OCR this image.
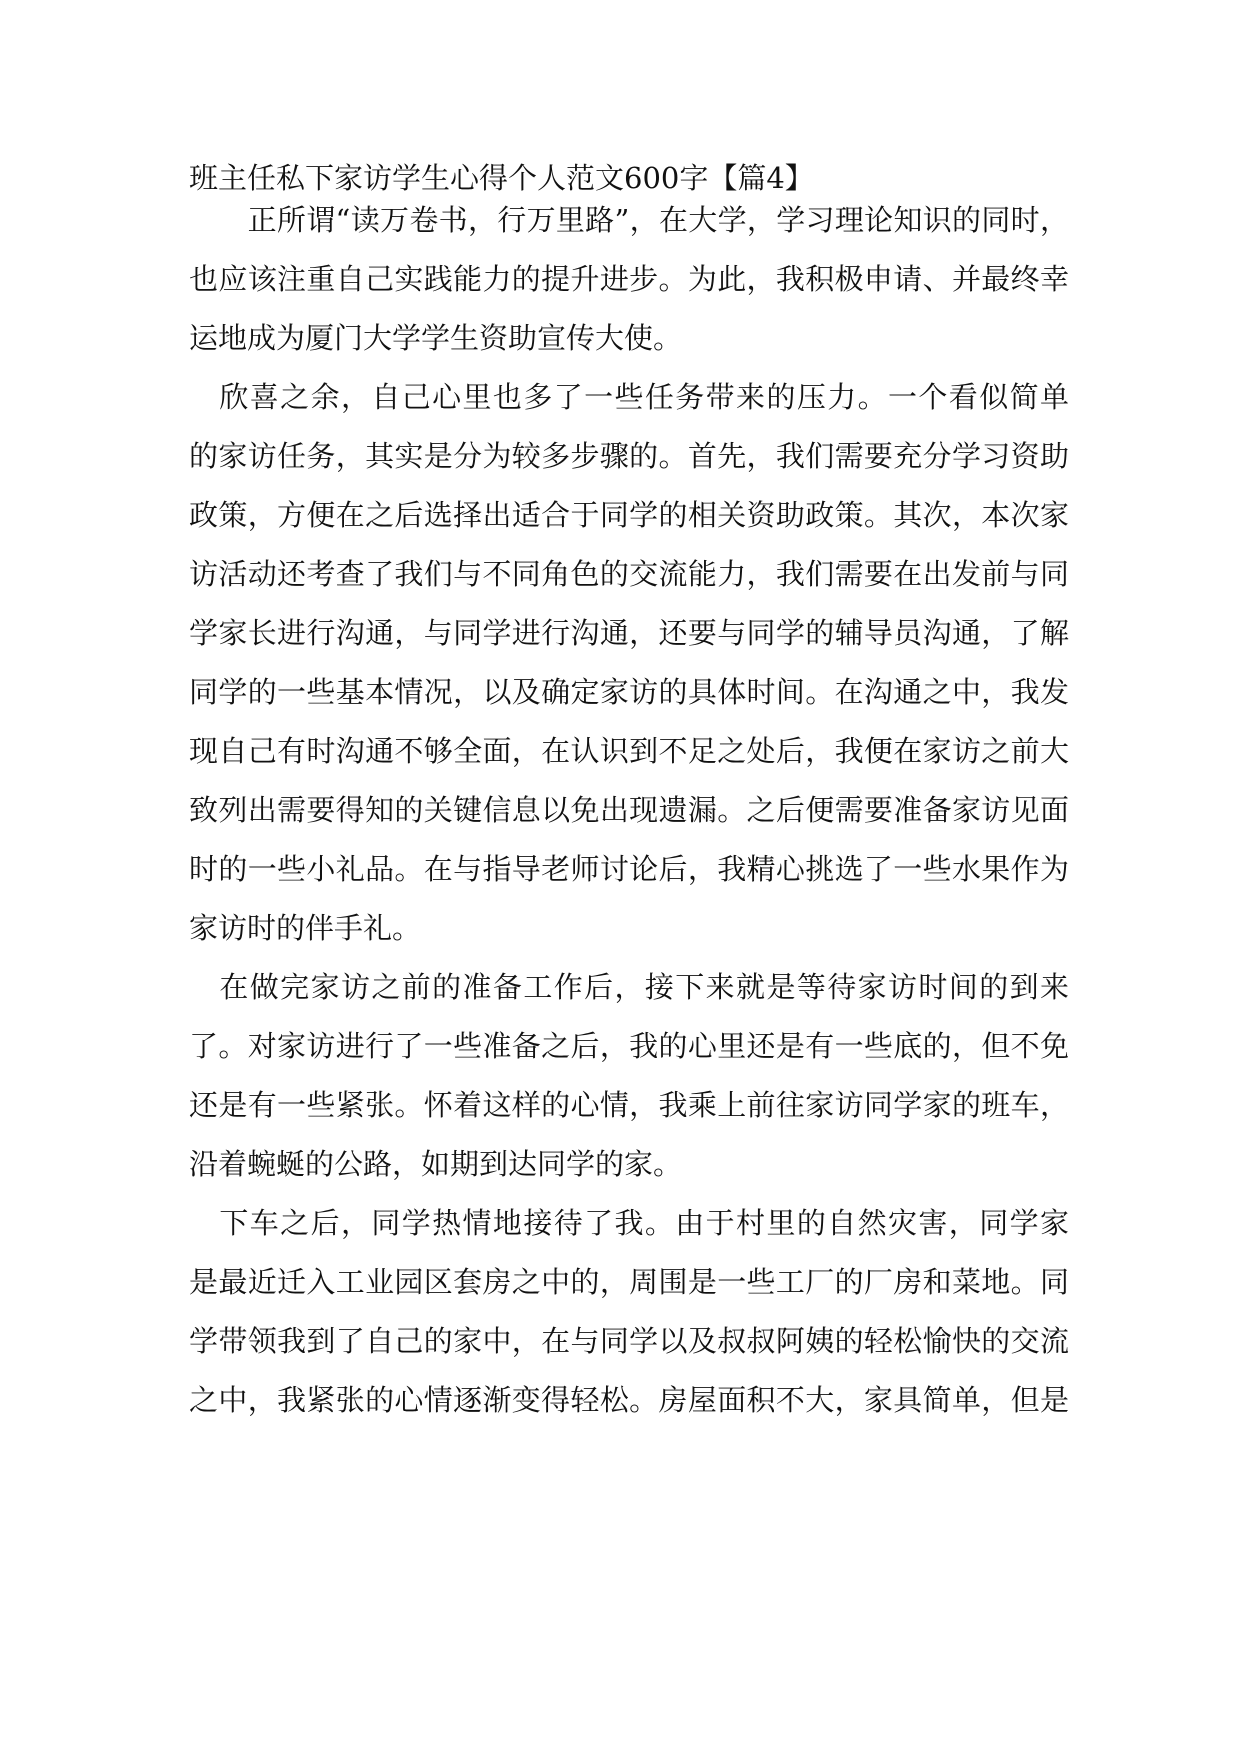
班主任私下家访学生心得个人范文600字【篇4】
　　正所谓“读万卷书，行万里路”，在大学，学习理论知识的同时，
也应该注重自己实践能力的提升进步。为此，我积极申请、并最终幸
运地成为厦门大学学生资助宣传大使。
　欣喜之余，自己心里也多了一些任务带来的压力。一个看似简单
的家访任务，其实是分为较多步骤的。首先，我们需要充分学习资助
政策，方便在之后选择出适合于同学的相关资助政策。其次，本次家
访活动还考查了我们与不同角色的交流能力，我们需要在出发前与同
学家长进行沟通，与同学进行沟通，还要与同学的辅导员沟通，了解
同学的一些基本情况，以及确定家访的具体时间。在沟通之中，我发
现自己有时沟通不够全面，在认识到不足之处后，我便在家访之前大
致列出需要得知的关键信息以免出现遗漏。之后便需要准备家访见面
时的一些小礼品。在与指导老师讨论后，我精心挑选了一些水果作为
家访时的伴手礼。
　在做完家访之前的准备工作后，接下来就是等待家访时间的到来
了。对家访进行了一些准备之后，我的心里还是有一些底的，但不免
还是有一些紧张。怀着这样的心情，我乘上前往家访同学家的班车，
沿着蜿蜒的公路，如期到达同学的家。
　下车之后，同学热情地接待了我。由于村里的自然灾害，同学家
是最近迁入工业园区套房之中的，周围是一些工厂的厂房和菜地。同
学带领我到了自己的家中，在与同学以及叔叔阿姨的轻松愉快的交流
之中，我紧张的心情逐渐变得轻松。房屋面积不大，家具简单，但是
